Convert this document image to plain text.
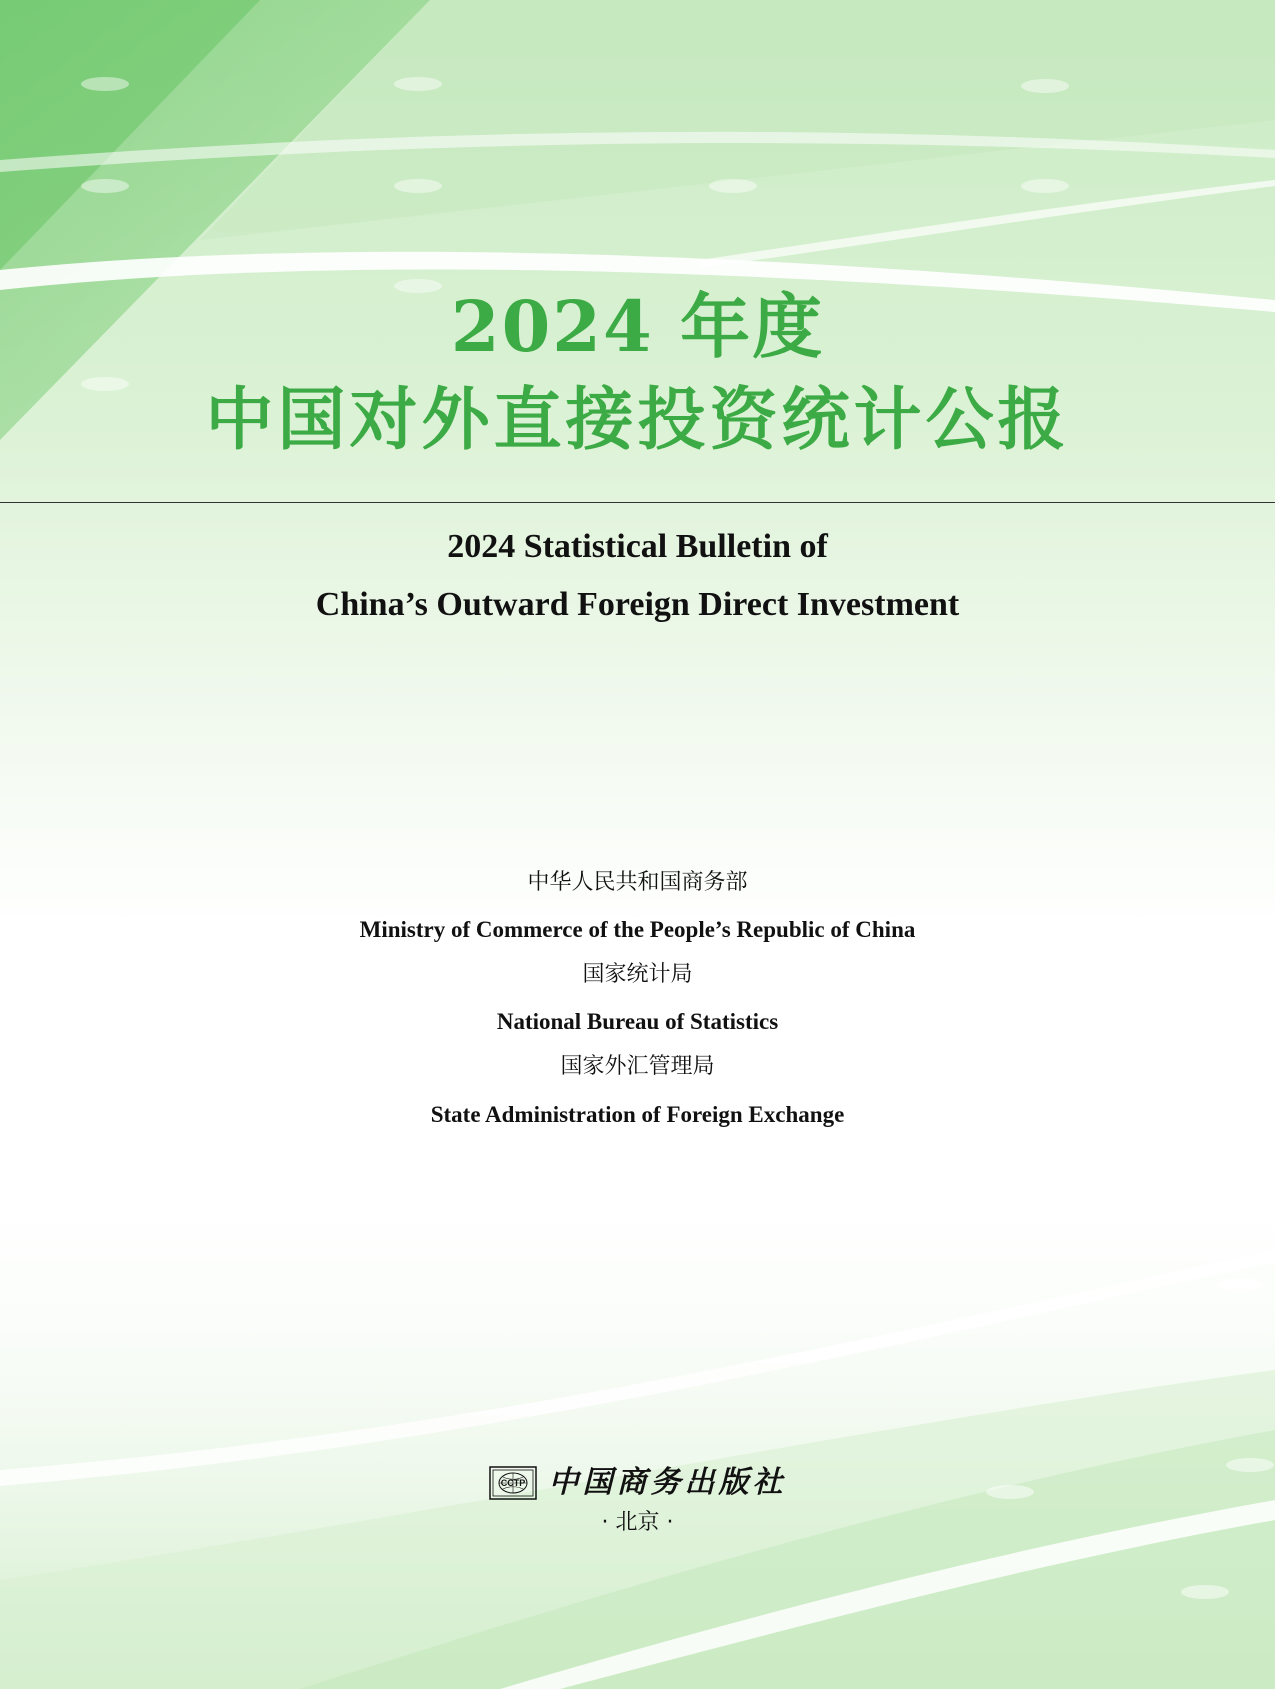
2024 年度
中国对外直接投资统计公报
2024 Statistical Bulletin of
China’s Outward Foreign Direct Investment

中华人民共和国商务部

Ministry of Commerce of the People’s Republic of China

国家统计局

National Bureau of Statistics

国家外汇管理局

State Administration of Foreign Exchange

CCTP 中国商务出版社
· 北京 ·
